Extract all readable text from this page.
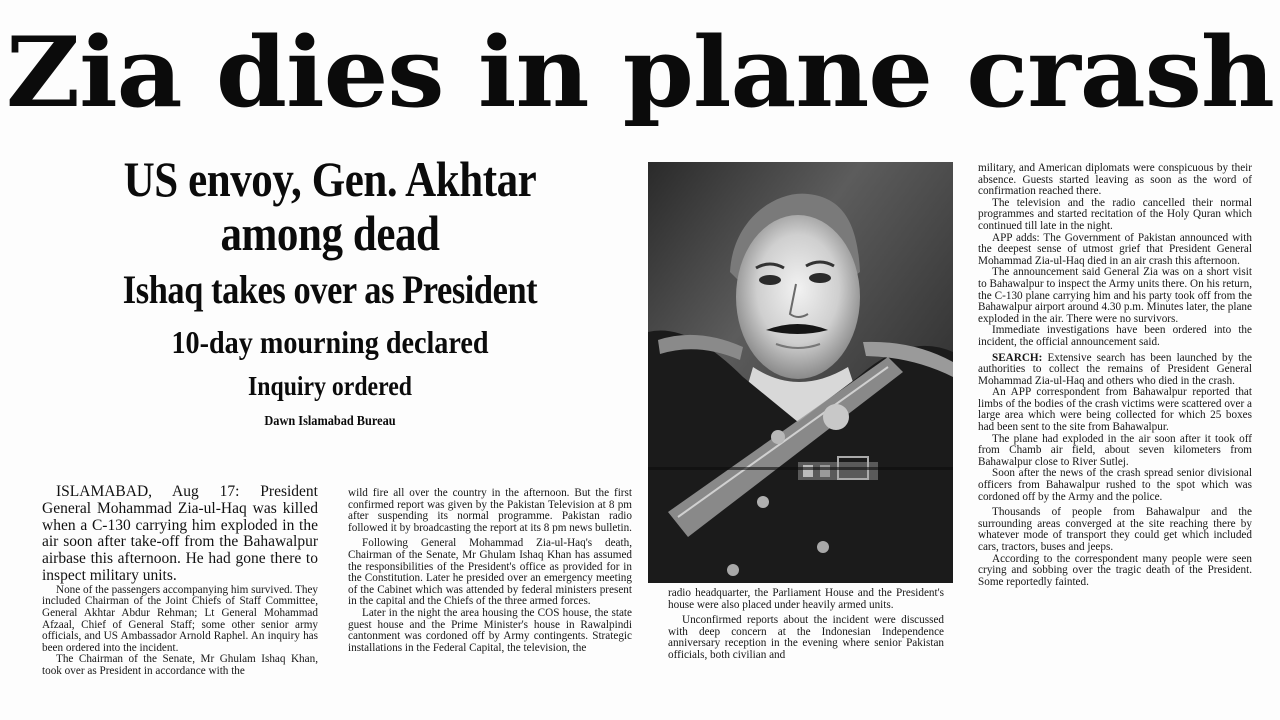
Zia dies in plane crash
US envoy, Gen. Akhtar
among dead
Ishaq takes over as President
10-day mourning declared
Inquiry ordered
Dawn Islamabad Bureau

ISLAMABAD, Aug 17: President General Mohammad Zia-ul-Haq was killed when a C-130 carrying him exploded in the air soon after take-off from the Bahawalpur airbase this afternoon. He had gone there to inspect military units.

None of the passengers accompanying him survived. They included Chairman of the Joint Chiefs of Staff Committee, General Akhtar Abdur Rehman; Lt General Mohammad Afzaal, Chief of General Staff; some other senior army officials, and US Ambassador Arnold Raphel. An inquiry has been ordered into the incident.

The Chairman of the Senate, Mr Ghulam Ishaq Khan, took over as President in accordance with the

wild fire all over the country in the afternoon. But the first confirmed report was given by the Pakistan Television at 8 pm after suspending its normal programme. Pakistan radio followed it by broadcasting the report at its 8 pm news bulletin.

Following General Mohammad Zia-ul-Haq's death, Chairman of the Senate, Mr Ghulam Ishaq Khan has assumed the responsibilities of the President's office as provided for in the Constitution. Later he presided over an emergency meeting of the Cabinet which was attended by federal ministers present in the capital and the Chiefs of the three armed forces.

Later in the night the area housing the COS house, the state guest house and the Prime Minister's house in Rawalpindi cantonment was cordoned off by Army contingents. Strategic installations in the Federal Capital, the television, the

radio headquarter, the Parliament House and the President's house were also placed under heavily armed units.

Unconfirmed reports about the incident were discussed with deep concern at the Indonesian Independence anniversary reception in the evening where senior Pakistan officials, both civilian and

military, and American diplomats were conspicuous by their absence. Guests started leaving as soon as the word of confirmation reached there.

The television and the radio cancelled their normal programmes and started recitation of the Holy Quran which continued till late in the night.

APP adds: The Government of Pakistan announced with the deepest sense of utmost grief that President General Mohammad Zia-ul-Haq died in an air crash this afternoon.

The announcement said General Zia was on a short visit to Bahawalpur to inspect the Army units there. On his return, the C-130 plane carrying him and his party took off from the Bahawalpur airport around 4.30 p.m. Minutes later, the plane exploded in the air. There were no survivors.

Immediate investigations have been ordered into the incident, the official announcement said.

SEARCH: Extensive search has been launched by the authorities to collect the remains of President General Mohammad Zia-ul-Haq and others who died in the crash.

An APP correspondent from Bahawalpur reported that limbs of the bodies of the crash victims were scattered over a large area which were being collected for which 25 boxes had been sent to the site from Bahawalpur.

The plane had exploded in the air soon after it took off from Chamb air field, about seven kilometers from Bahawalpur close to River Sutlej.

Soon after the news of the crash spread senior divisional officers from Bahawalpur rushed to the spot which was cordoned off by the Army and the police.

Thousands of people from Bahawalpur and the surrounding areas converged at the site reaching there by whatever mode of transport they could get which included cars, tractors, buses and jeeps.

According to the correspondent many people were seen crying and sobbing over the tragic death of the President. Some reportedly fainted.
